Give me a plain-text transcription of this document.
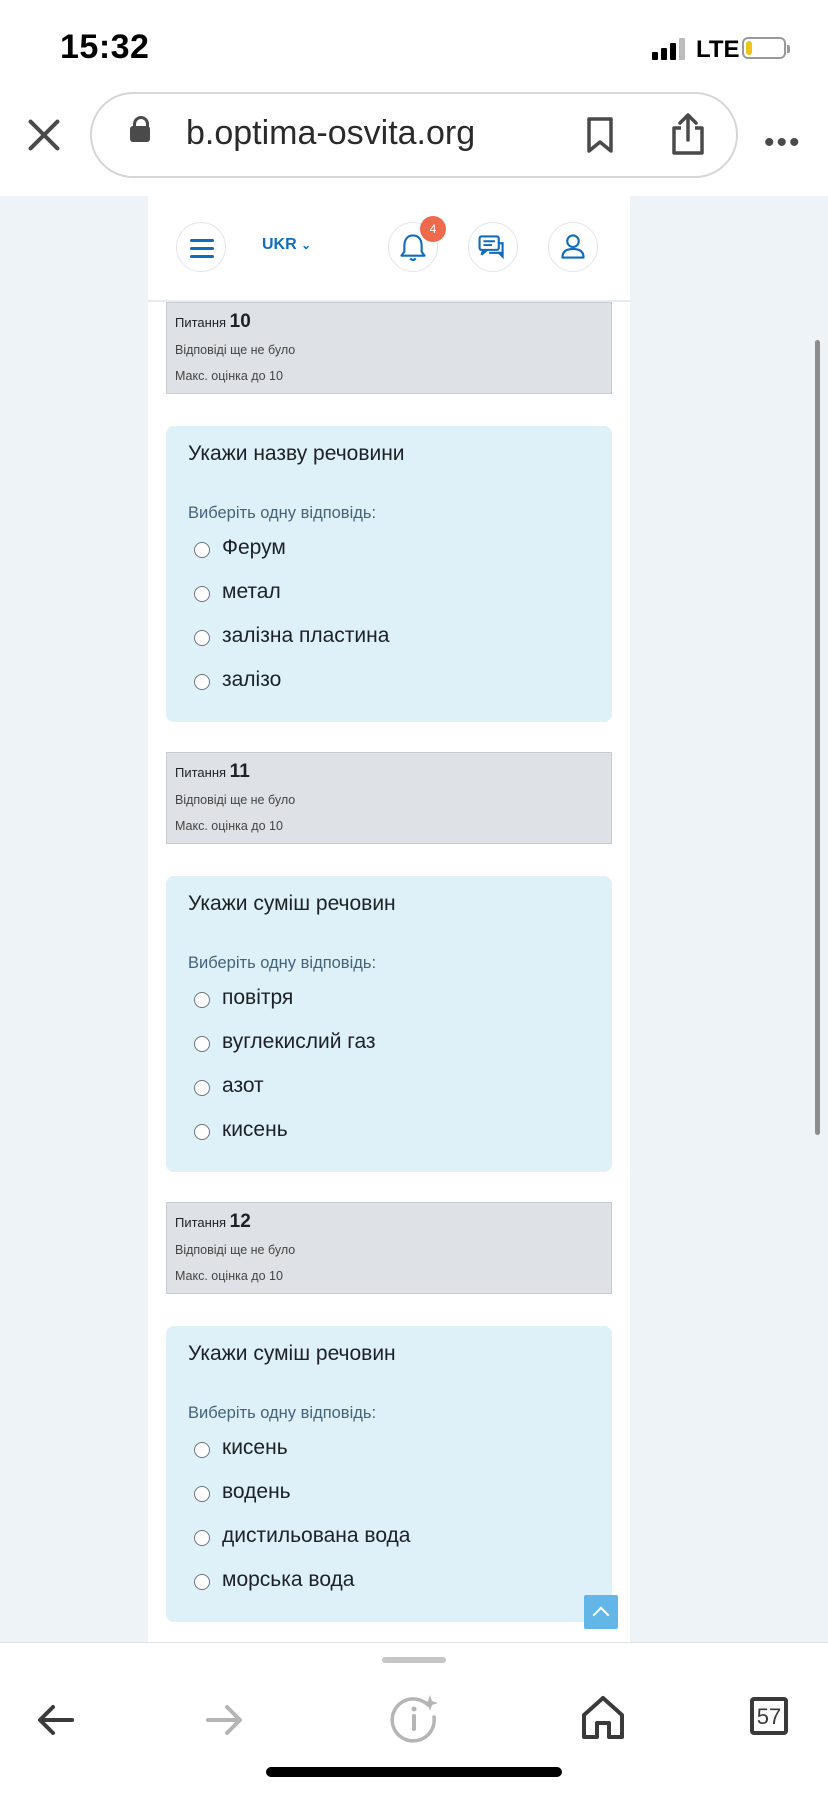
15:32	LTE
b.optima-osvita.org	•••
UKR ⌄
4
Питання 10
Відповіді ще не було
Макс. оцінка до 10
Укажи назву речовини
Виберіть одну відповідь:
Ферум
метал
залізна пластина
залізо
Питання 11
Відповіді ще не було
Макс. оцінка до 10
Укажи суміш речовин
Виберіть одну відповідь:
повітря
вуглекислий газ
азот
кисень
Питання 12
Відповіді ще не було
Макс. оцінка до 10
Укажи суміш речовин
Виберіть одну відповідь:
кисень
водень
дистильована вода
морська вода
57
